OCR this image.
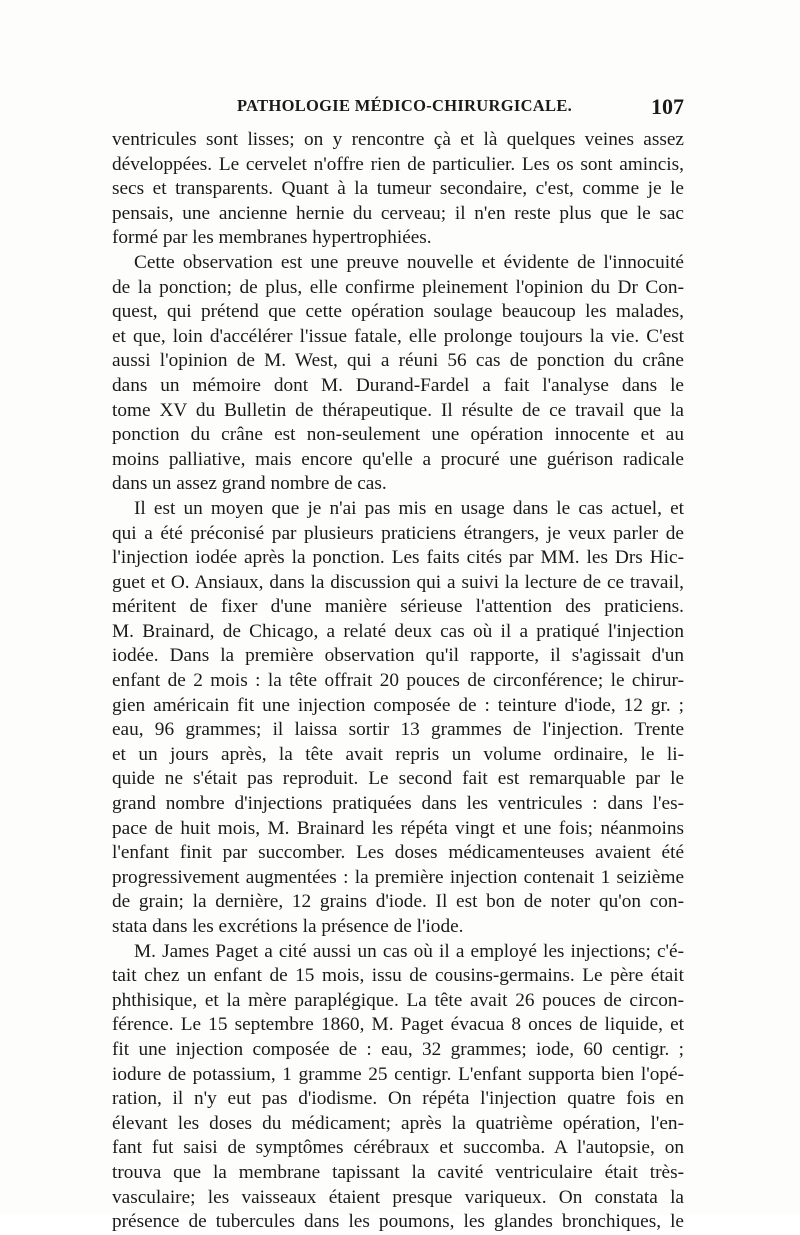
PATHOLOGIE MÉDICO-CHIRURGICALE.	107
ventricules sont lisses; on y rencontre çà et là quelques veines assez
développées. Le cervelet n'offre rien de particulier. Les os sont amincis,
secs et transparents. Quant à la tumeur secondaire, c'est, comme je le
pensais, une ancienne hernie du cerveau; il n'en reste plus que le sac
formé par les membranes hypertrophiées.
Cette observation est une preuve nouvelle et évidente de l'innocuité
de la ponction; de plus, elle confirme pleinement l'opinion du Dr Con-
quest, qui prétend que cette opération soulage beaucoup les malades,
et que, loin d'accélérer l'issue fatale, elle prolonge toujours la vie. C'est
aussi l'opinion de M. West, qui a réuni 56 cas de ponction du crâne
dans un mémoire dont M. Durand-Fardel a fait l'analyse dans le
tome XV du Bulletin de thérapeutique. Il résulte de ce travail que la
ponction du crâne est non-seulement une opération innocente et au
moins palliative, mais encore qu'elle a procuré une guérison radicale
dans un assez grand nombre de cas.
Il est un moyen que je n'ai pas mis en usage dans le cas actuel, et
qui a été préconisé par plusieurs praticiens étrangers, je veux parler de
l'injection iodée après la ponction. Les faits cités par MM. les Drs Hic-
guet et O. Ansiaux, dans la discussion qui a suivi la lecture de ce travail,
méritent de fixer d'une manière sérieuse l'attention des praticiens.
M. Brainard, de Chicago, a relaté deux cas où il a pratiqué l'injection
iodée. Dans la première observation qu'il rapporte, il s'agissait d'un
enfant de 2 mois : la tête offrait 20 pouces de circonférence; le chirur-
gien américain fit une injection composée de : teinture d'iode, 12 gr. ;
eau, 96 grammes; il laissa sortir 13 grammes de l'injection. Trente
et un jours après, la tête avait repris un volume ordinaire, le li-
quide ne s'était pas reproduit. Le second fait est remarquable par le
grand nombre d'injections pratiquées dans les ventricules : dans l'es-
pace de huit mois, M. Brainard les répéta vingt et une fois; néanmoins
l'enfant finit par succomber. Les doses médicamenteuses avaient été
progressivement augmentées : la première injection contenait 1 seizième
de grain; la dernière, 12 grains d'iode. Il est bon de noter qu'on con-
stata dans les excrétions la présence de l'iode.
M. James Paget a cité aussi un cas où il a employé les injections; c'é-
tait chez un enfant de 15 mois, issu de cousins-germains. Le père était
phthisique, et la mère paraplégique. La tête avait 26 pouces de circon-
férence. Le 15 septembre 1860, M. Paget évacua 8 onces de liquide, et
fit une injection composée de : eau, 32 grammes; iode, 60 centigr. ;
iodure de potassium, 1 gramme 25 centigr. L'enfant supporta bien l'opé-
ration, il n'y eut pas d'iodisme. On répéta l'injection quatre fois en
élevant les doses du médicament; après la quatrième opération, l'en-
fant fut saisi de symptômes cérébraux et succomba. A l'autopsie, on
trouva que la membrane tapissant la cavité ventriculaire était très-
vasculaire; les vaisseaux étaient presque variqueux. On constata la
présence de tubercules dans les poumons, les glandes bronchiques, le
